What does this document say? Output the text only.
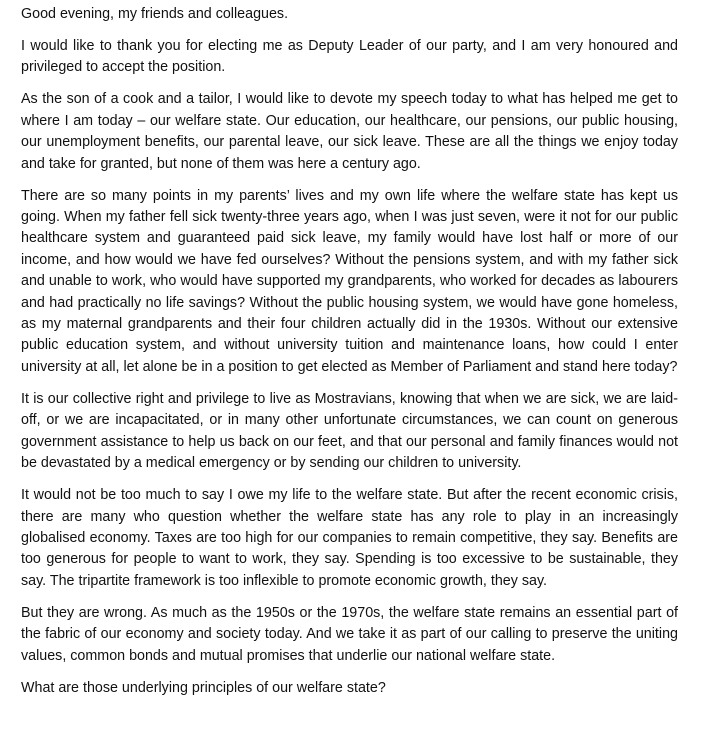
Good evening, my friends and colleagues.

I would like to thank you for electing me as Deputy Leader of our party, and I am very honoured and privileged to accept the position.

As the son of a cook and a tailor, I would like to devote my speech today to what has helped me get to where I am today – our welfare state. Our education, our healthcare, our pensions, our public housing, our unemployment benefits, our parental leave, our sick leave. These are all the things we enjoy today and take for granted, but none of them was here a century ago.

There are so many points in my parents’ lives and my own life where the welfare state has kept us going. When my father fell sick twenty-three years ago, when I was just seven, were it not for our public healthcare system and guaranteed paid sick leave, my family would have lost half or more of our income, and how would we have fed ourselves? Without the pensions system, and with my father sick and unable to work, who would have supported my grandparents, who worked for decades as labourers and had practically no life savings? Without the public housing system, we would have gone homeless, as my maternal grandparents and their four children actually did in the 1930s. Without our extensive public education system, and without university tuition and maintenance loans, how could I enter university at all, let alone be in a position to get elected as Member of Parliament and stand here today?

It is our collective right and privilege to live as Mostravians, knowing that when we are sick, we are laid-off, or we are incapacitated, or in many other unfortunate circumstances, we can count on generous government assistance to help us back on our feet, and that our personal and family finances would not be devastated by a medical emergency or by sending our children to university.

It would not be too much to say I owe my life to the welfare state. But after the recent economic crisis, there are many who question whether the welfare state has any role to play in an increasingly globalised economy. Taxes are too high for our companies to remain competitive, they say. Benefits are too generous for people to want to work, they say. Spending is too excessive to be sustainable, they say. The tripartite framework is too inflexible to promote economic growth, they say.

But they are wrong. As much as the 1950s or the 1970s, the welfare state remains an essential part of the fabric of our economy and society today. And we take it as part of our calling to preserve the uniting values, common bonds and mutual promises that underlie our national welfare state.

What are those underlying principles of our welfare state?
